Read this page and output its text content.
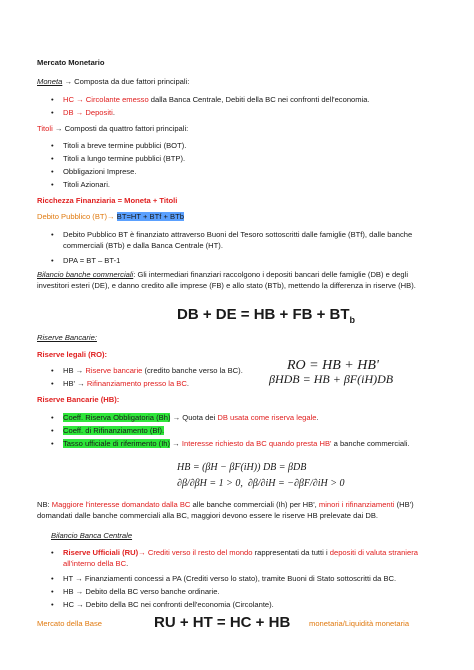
Mercato Monetario
Moneta → Composta da due fattori principali:
• HC → Circolante emesso dalla Banca Centrale, Debiti della BC nei confronti dell'economia.
• DB → Depositi.
Titoli → Composti da quattro fattori principali:
• Titoli a breve termine pubblici (BOT).
• Titoli a lungo termine pubblici (BTP).
• Obbligazioni Imprese.
• Titoli Azionari.
Ricchezza Finanziaria = Moneta + Titoli
Debito Pubblico (BT)→ BT=HT + BTf + BTb
• Debito Pubblico BT è finanziato attraverso Buoni del Tesoro sottoscritti dalle famiglie (BTf), dalle banche commerciali (BTb) e dalla Banca Centrale (HT).
• DPA = BT – BT-1
Bilancio banche commerciali: Gli intermediari finanziari raccolgono i depositi bancari delle famiglie (DB) e degli investitori esteri (DE), e danno credito alle imprese (FB) e allo stato (BTb), mettendo la differenza in riserve (HB).
DB + DE = HB + FB + $BT_b$
Riserve Bancarie:
Riserve legali (RO):
RO = HB + HB'
βHDB = HB + βF(iH)DB
• HB → Riserve bancarie (credito banche verso la BC).
• HB' → Rifinanziamento presso la BC.
Riserve Bancarie (HB):
• Coeff. Riserva Obbligatoria (Bh) → Quota dei DB usata come riserva legale.
• Coeff. di Rifinanziamento (Bf).
• Tasso ufficiale di riferimento (Ih) → Interesse richiesto da BC quando presta HB' a banche commerciali.
HB = (βH − βF(iH)) DB = βDB
∂β/∂βH = 1 > 0, ∂β/∂iH = −∂βF/∂iH > 0
NB: Maggiore l'interesse domandato dalla BC alle banche commerciali (Ih) per HB', minori i rifinanziamenti (HB') domandati dalle banche commerciali alla BC, maggiori devono essere le riserve HB prelevate dai DB.
Bilancio Banca Centrale
• Riserve Ufficiali (RU)→ Crediti verso il resto del mondo rappresentati da tutti i depositi di valuta straniera all'interno della BC.
• HT → Finanziamenti concessi a PA (Crediti verso lo stato), tramite Buoni di Stato sottoscritti da BC.
• HB → Debito della BC verso banche ordinarie.
• HC → Debito della BC nei confronti dell'economia (Circolante).
Mercato della Base	RU + HT = HC + HB monetaria/Liquidità monetaria
